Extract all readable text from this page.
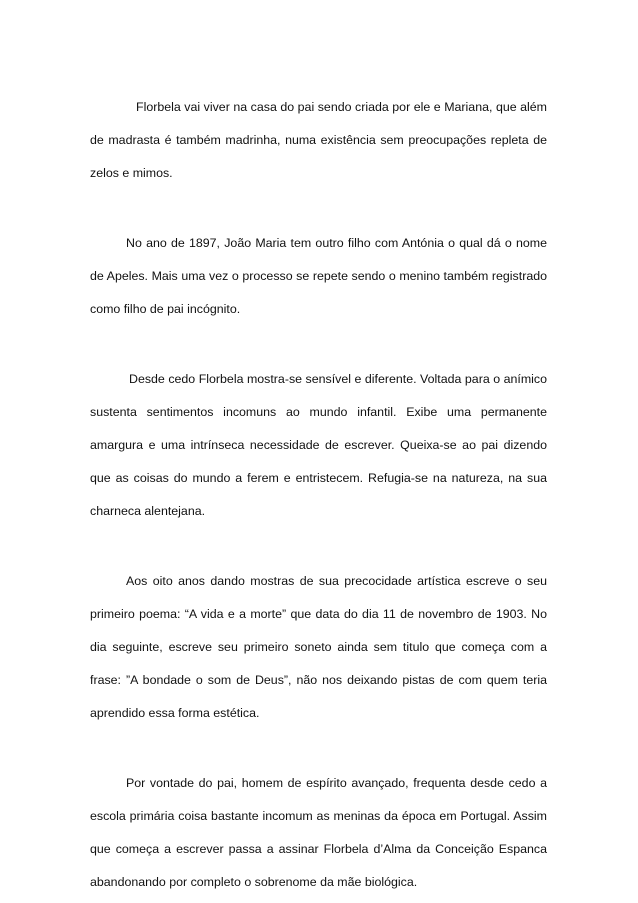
Florbela vai viver na casa do pai sendo criada por ele e Mariana, que além de madrasta é também madrinha, numa existência sem preocupações repleta de zelos e mimos.

No ano de 1897, João Maria tem outro filho com Antónia o qual dá o nome de Apeles. Mais uma vez o processo se repete sendo o menino também registrado como filho de pai incógnito.

Desde cedo Florbela mostra-se sensível e diferente. Voltada para o anímico sustenta sentimentos incomuns ao mundo infantil. Exibe uma permanente amargura e uma intrínseca necessidade de escrever. Queixa-se ao pai dizendo que as coisas do mundo a ferem e entristecem. Refugia-se na natureza, na sua charneca alentejana.

Aos oito anos dando mostras de sua precocidade artística escreve o seu primeiro poema: “A vida e a morte” que data do dia 11 de novembro de 1903. No dia seguinte, escreve seu primeiro soneto ainda sem titulo que começa com a frase: ”A bondade o som de Deus”, não nos deixando pistas de com quem teria aprendido essa forma estética.

Por vontade do pai, homem de espírito avançado, frequenta desde cedo a escola primária coisa bastante incomum as meninas da época em Portugal. Assim que começa a escrever passa a assinar Florbela d’Alma da Conceição Espanca abandonando por completo o sobrenome da mãe biológica.
